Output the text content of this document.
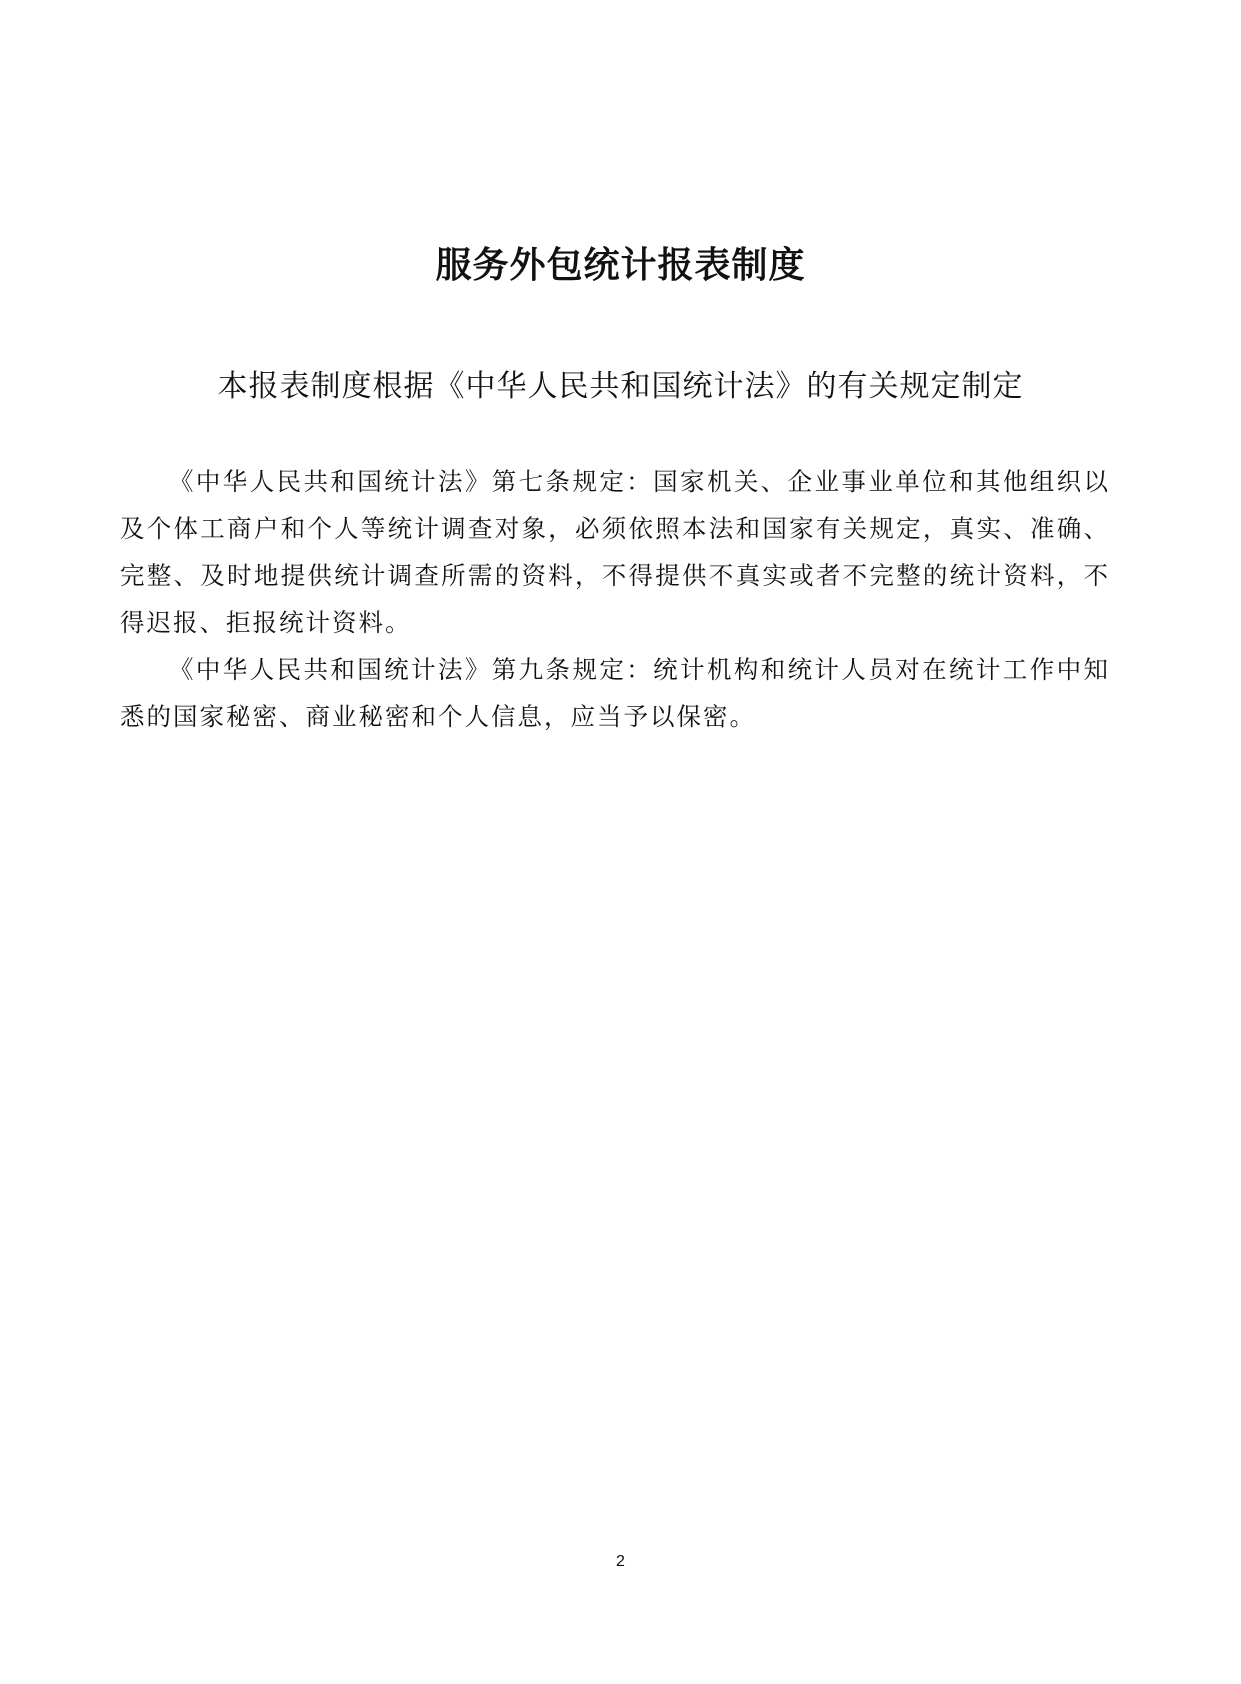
服务外包统计报表制度
本报表制度根据《中华人民共和国统计法》的有关规定制定

《中华人民共和国统计法》第七条规定：国家机关、企业事业单位和其他组织以及个体工商户和个人等统计调查对象，必须依照本法和国家有关规定，真实、准确、完整、及时地提供统计调查所需的资料，不得提供不真实或者不完整的统计资料，不得迟报、拒报统计资料。

《中华人民共和国统计法》第九条规定：统计机构和统计人员对在统计工作中知悉的国家秘密、商业秘密和个人信息，应当予以保密。

2
